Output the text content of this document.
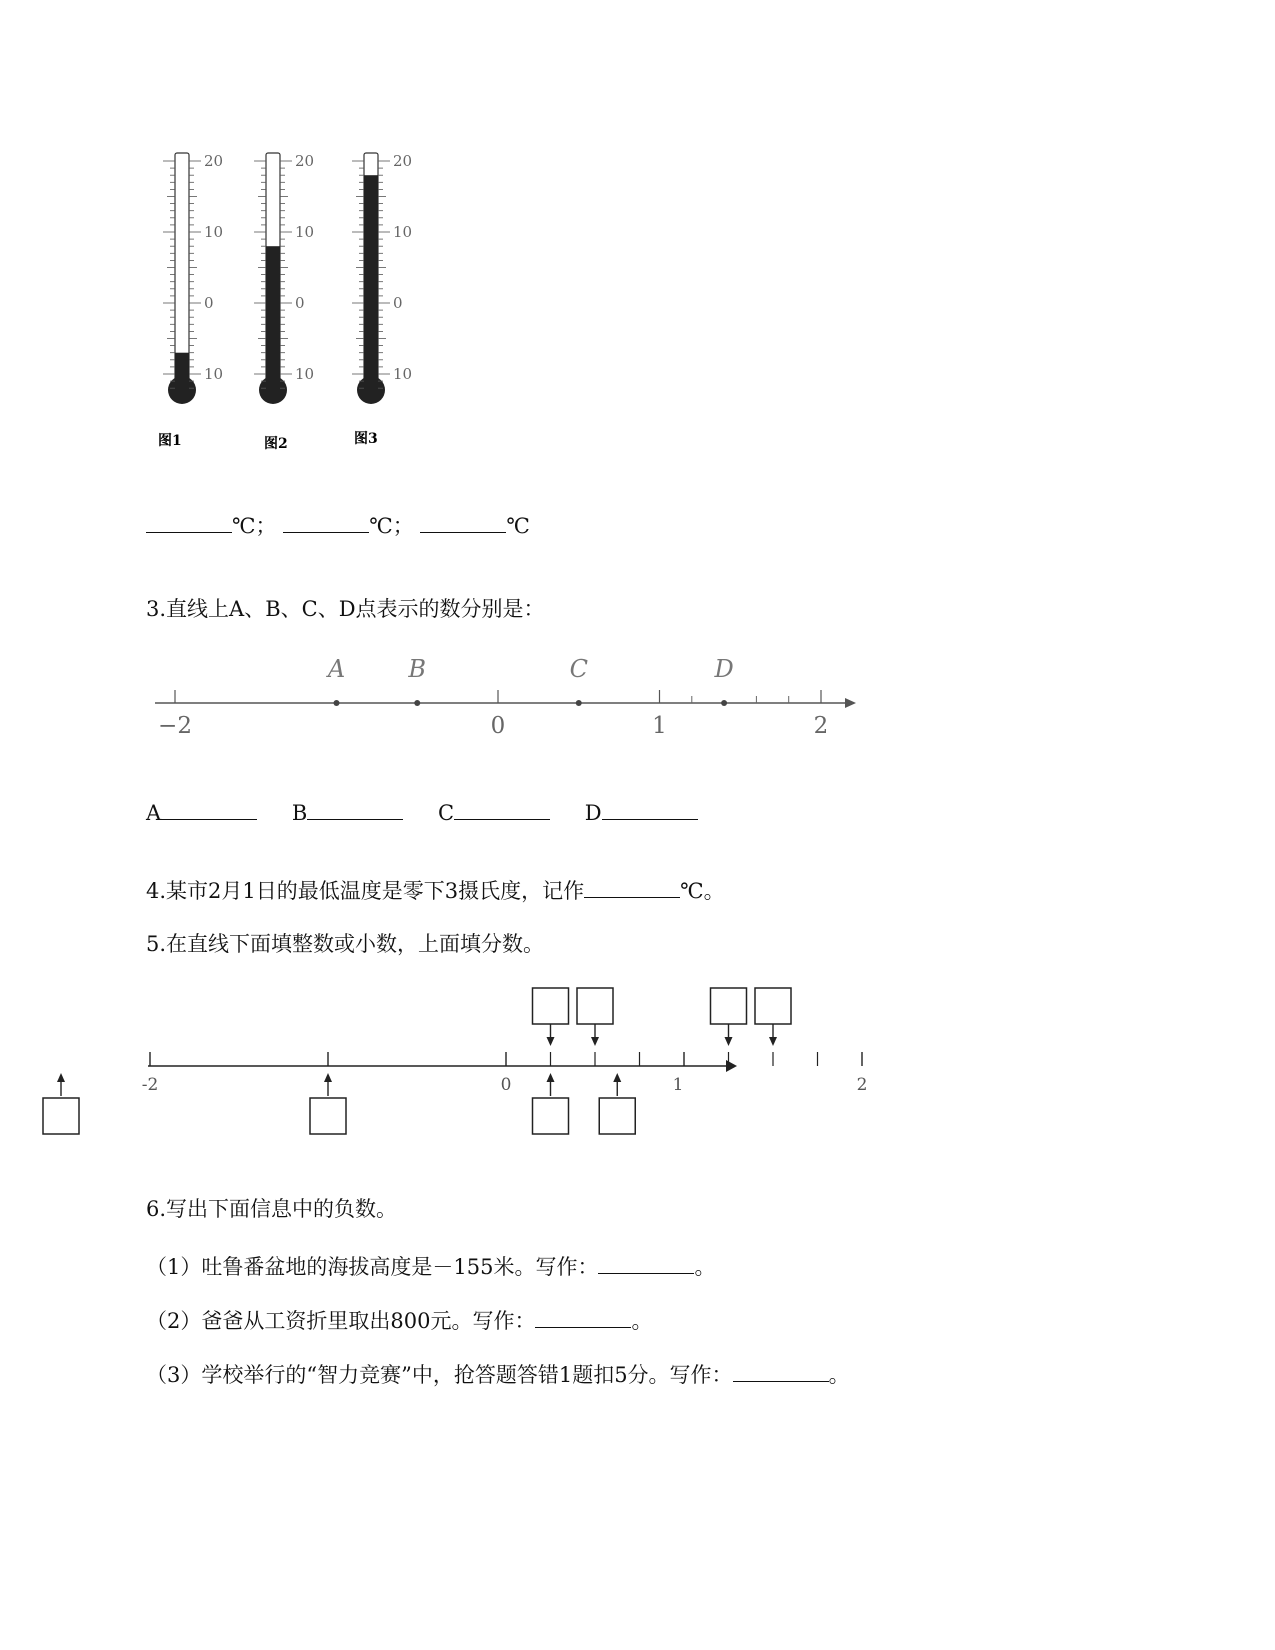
20
10
0
10
20
10
0
10
20
10
0
10
图1	图2	图3
℃；	℃；	℃
3.直线上A、B、C、D点表示的数分别是：
−2	0	1	2
A	B	C	D
A	B	C	D
4.某市2月1日的最低温度是零下3摄氏度，记作	℃。
5.在直线下面填整数或小数，上面填分数。
-2	0	1	2
6.写出下面信息中的负数。
（1）吐鲁番盆地的海拔高度是－155米。写作：	。
（2）爸爸从工资折里取出800元。写作：	。
（3）学校举行的“智力竞赛”中，抢答题答错1题扣5分。写作：	。
